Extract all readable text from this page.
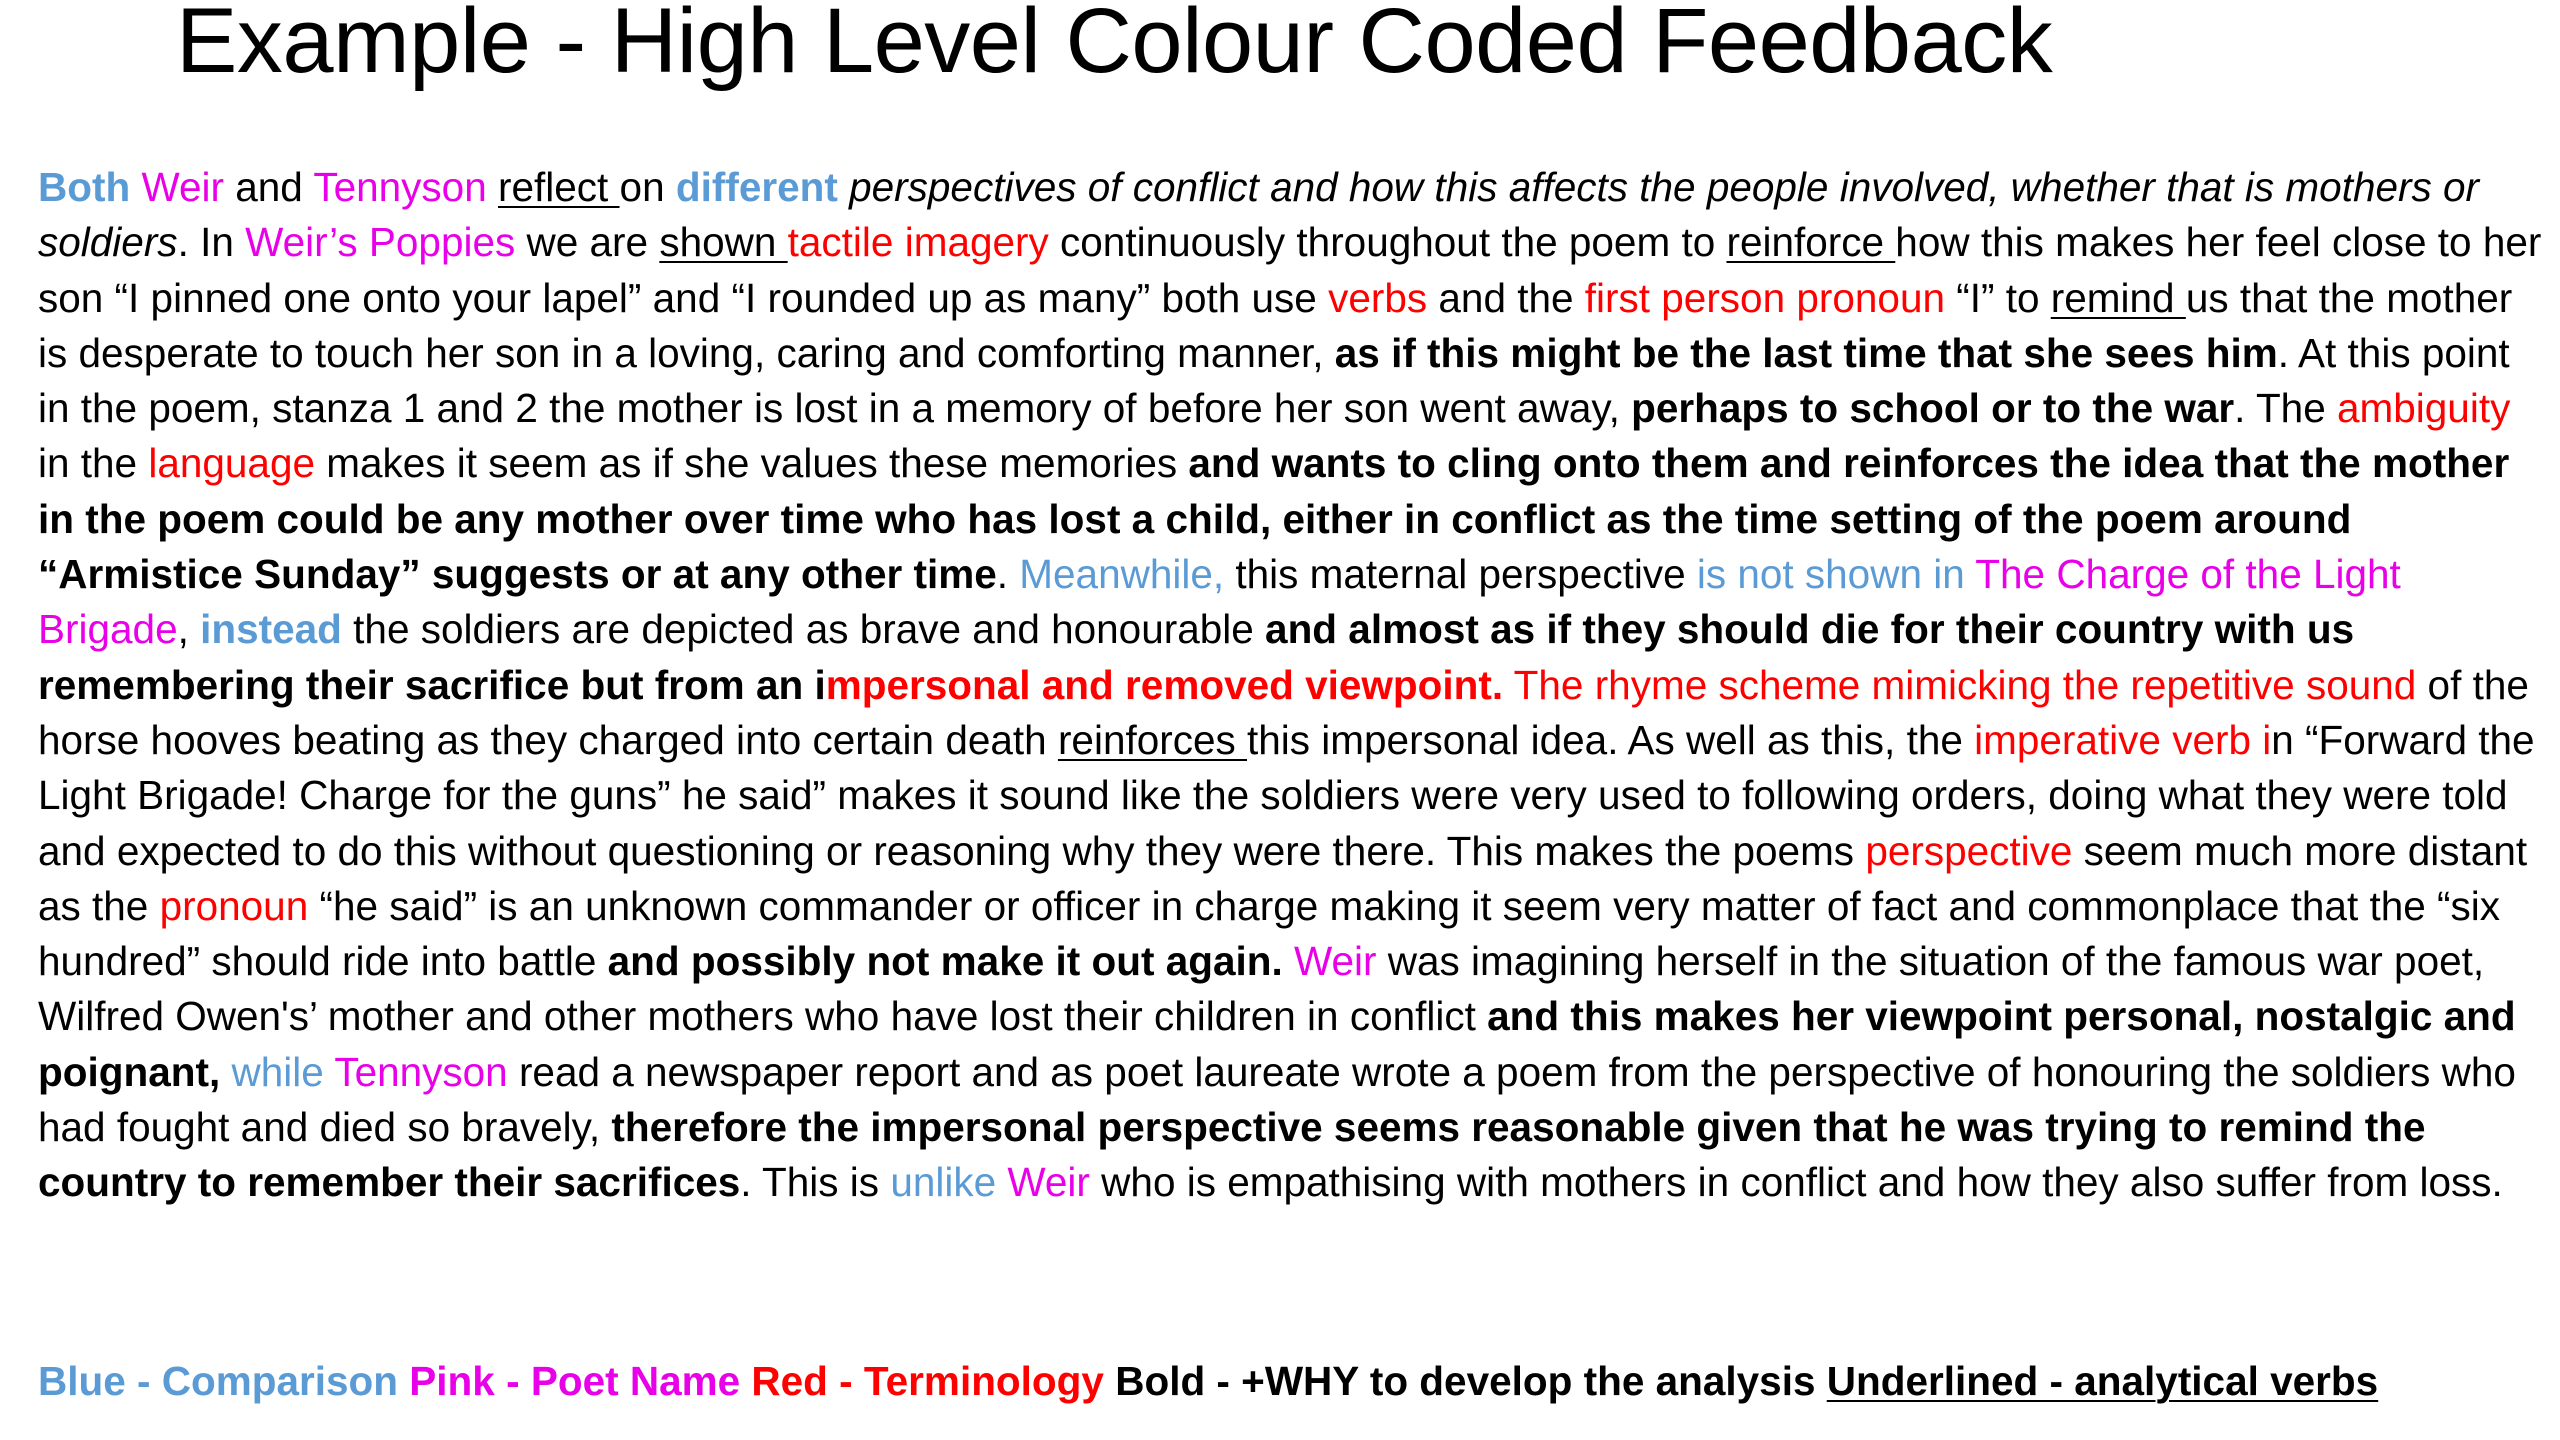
Example - High Level Colour Coded Feedback

Both Weir and Tennyson reflect on different perspectives of conflict and how this affects the people involved, whether that is mothers or soldiers. In Weir’s Poppies we are shown tactile imagery continuously throughout the poem to reinforce how this makes her feel close to her son “I pinned one onto your lapel” and “I rounded up as many” both use verbs and the first person pronoun “I” to remind us that the mother is desperate to touch her son in a loving, caring and comforting manner, as if this might be the last time that she sees him. At this point in the poem, stanza 1 and 2 the mother is lost in a memory of before her son went away, perhaps to school or to the war. The ambiguity in the language makes it seem as if she values these memories and wants to cling onto them and reinforces the idea that the mother in the poem could be any mother over time who has lost a child, either in conflict as the time setting of the poem around “Armistice Sunday” suggests or at any other time. Meanwhile, this maternal perspective is not shown in The Charge of the Light Brigade, instead the soldiers are depicted as brave and honourable and almost as if they should die for their country with us remembering their sacrifice but from an impersonal and removed viewpoint. The rhyme scheme mimicking the repetitive sound of the horse hooves beating as they charged into certain death reinforces this impersonal idea. As well as this, the imperative verb in “Forward the Light Brigade! Charge for the guns” he said” makes it sound like the soldiers were very used to following orders, doing what they were told and expected to do this without questioning or reasoning why they were there. This makes the poems perspective seem much more distant as the pronoun “he said” is an unknown commander or officer in charge making it seem very matter of fact and commonplace that the “six hundred” should ride into battle and possibly not make it out again. Weir was imagining herself in the situation of the famous war poet, Wilfred Owen's’ mother and other mothers who have lost their children in conflict and this makes her viewpoint personal, nostalgic and poignant, while Tennyson read a newspaper report and as poet laureate wrote a poem from the perspective of honouring the soldiers who had fought and died so bravely, therefore the impersonal perspective seems reasonable given that he was trying to remind the country to remember their sacrifices. This is unlike Weir who is empathising with mothers in conflict and how they also suffer from loss.

Blue - Comparison Pink - Poet Name Red - Terminology Bold - +WHY to develop the analysis Underlined - analytical verbs
